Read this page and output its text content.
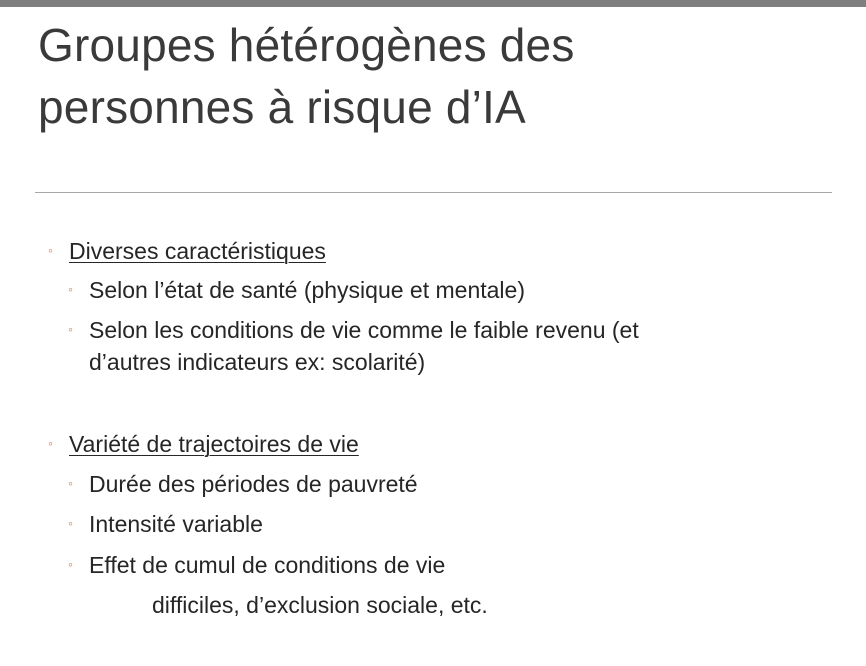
Groupes hétérogènes des
personnes à risque d’IA
◦ Diverses caractéristiques
◦ Selon l’état de santé (physique et mentale)
◦ Selon les conditions de vie comme le faible revenu (et
d’autres indicateurs ex: scolarité)
◦ Variété de trajectoires de vie
◦ Durée des périodes de pauvreté
◦ Intensité variable
◦ Effet de cumul de conditions de vie
difficiles, d’exclusion sociale, etc.
